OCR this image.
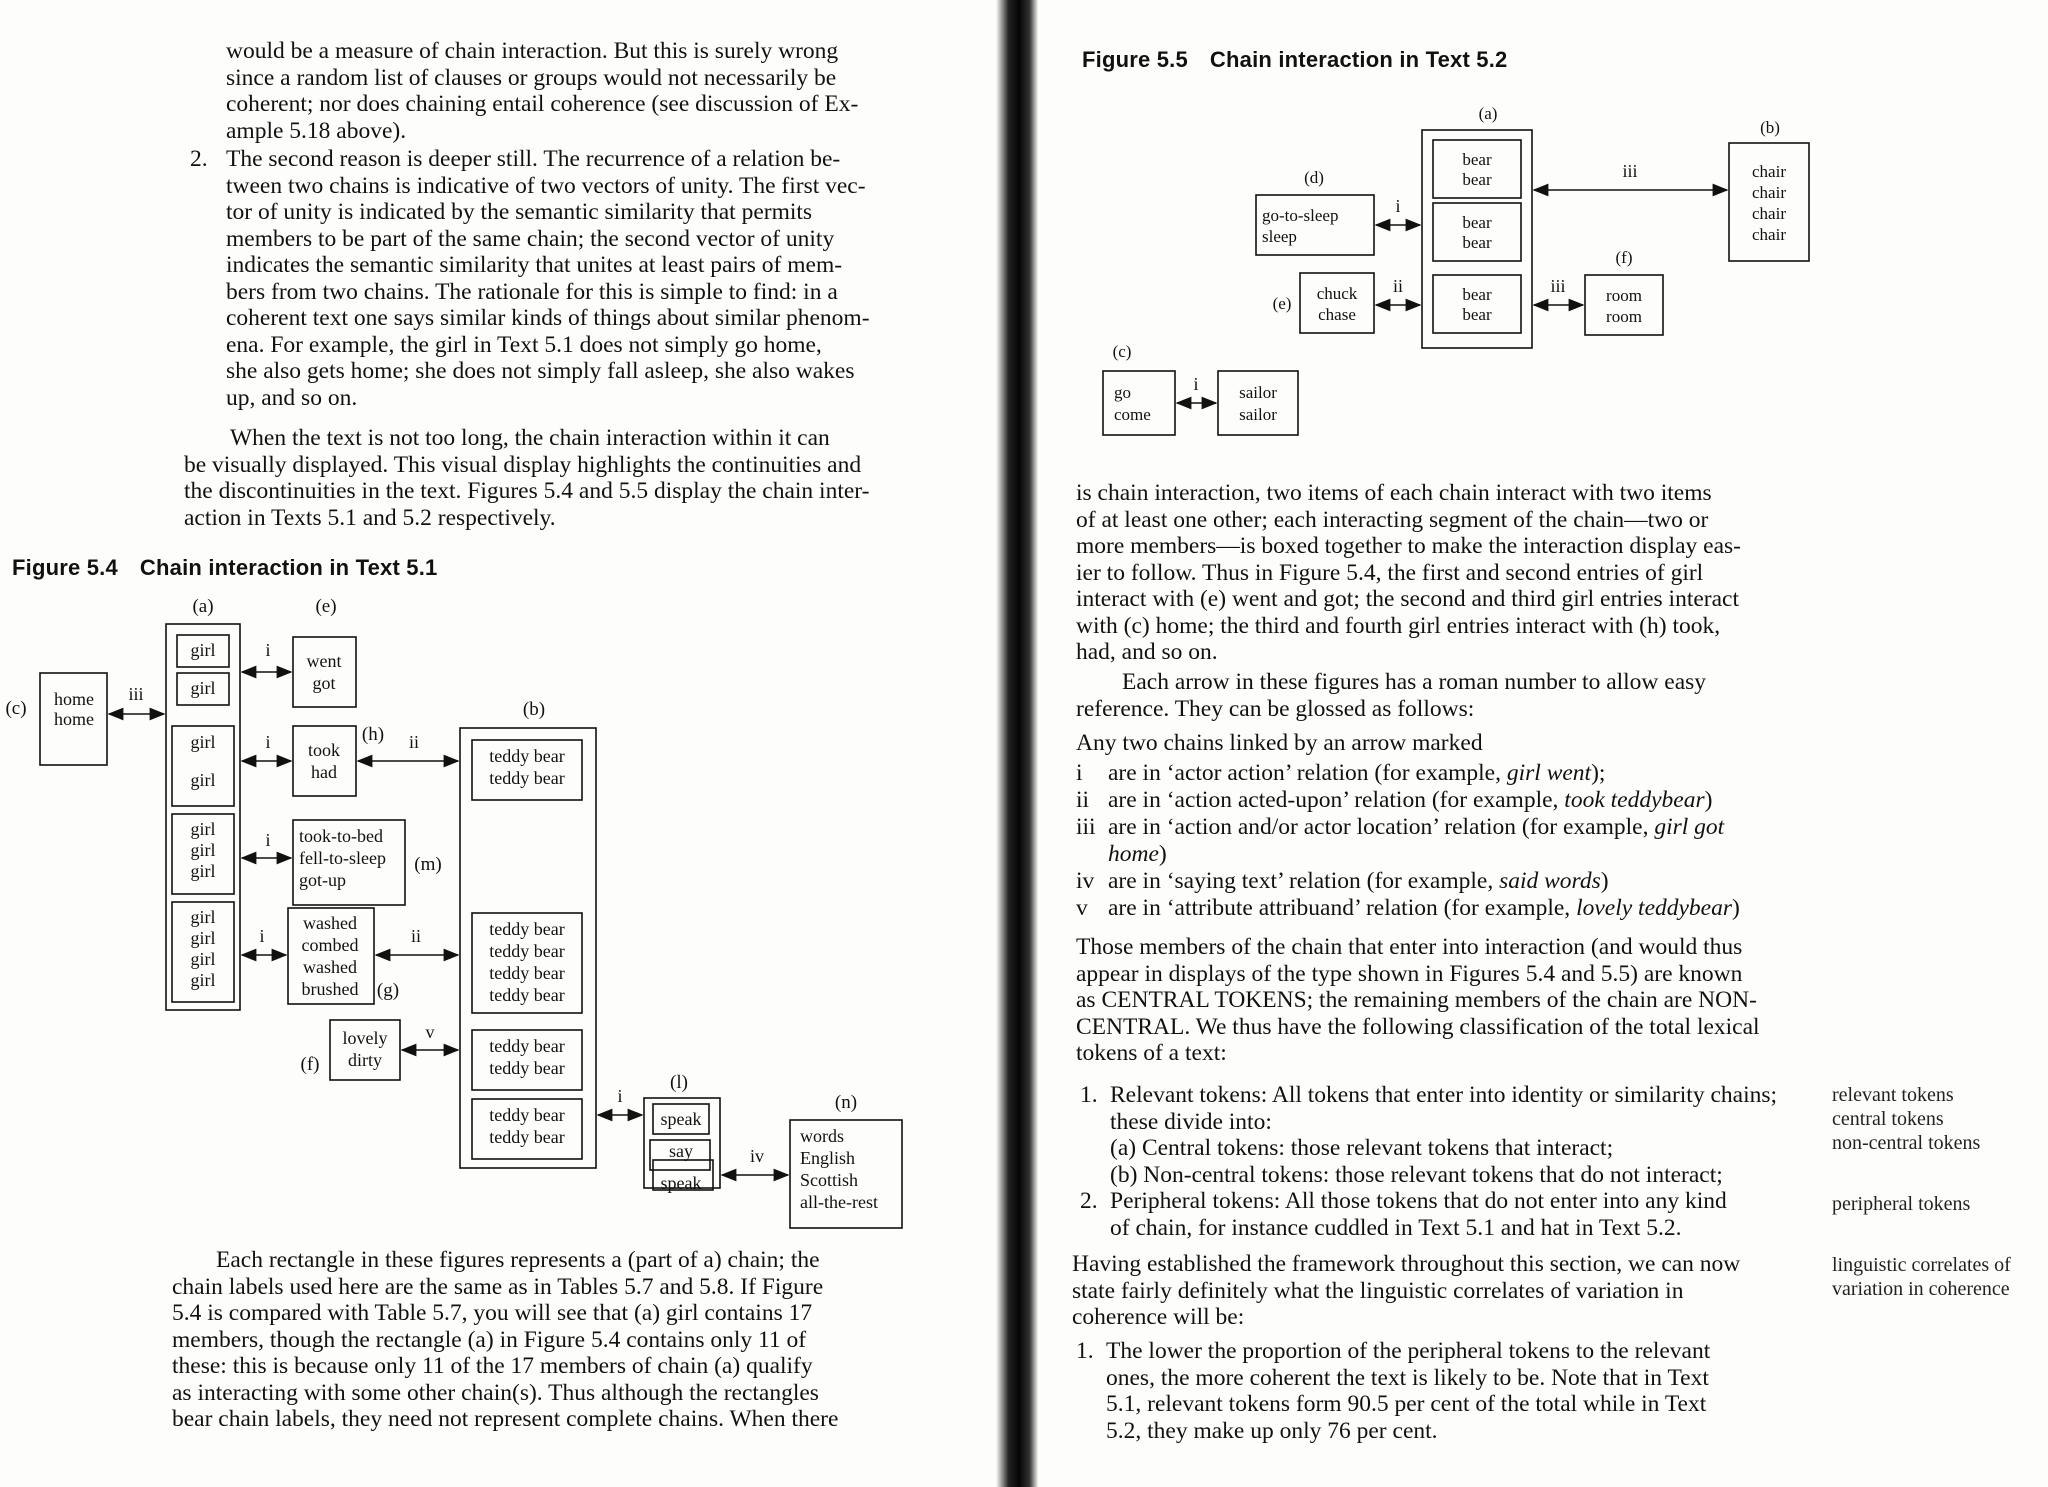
would be a measure of chain interaction. But this is surely wrong
since a random list of clauses or groups would not necessarily be
coherent; nor does chaining entail coherence (see discussion of Ex-
ample 5.18 above).
2. The second reason is deeper still. The recurrence of a relation be-
tween two chains is indicative of two vectors of unity. The first vec-
tor of unity is indicated by the semantic similarity that permits
members to be part of the same chain; the second vector of unity
indicates the semantic similarity that unites at least pairs of mem-
bers from two chains. The rationale for this is simple to find: in a
coherent text one says similar kinds of things about similar phenom-
ena. For example, the girl in Text 5.1 does not simply go home,
she also gets home; she does not simply fall asleep, she also wakes
up, and so on.
When the text is not too long, the chain interaction within it can
be visually displayed. This visual display highlights the continuities and
the discontinuities in the text. Figures 5.4 and 5.5 display the chain inter-
action in Texts 5.1 and 5.2 respectively.
Figure 5.4 Chain interaction in Text 5.1
i
i
i
i
i
ii
ii
iii
iv
v
(a)	(e)
(c)	(b)
(h)
(m)
(g)
(f)
(l)
(n)
home
home
girl
girl
girl
girl
girl
girl
girl
girl
girl
girl
girl
went
got
took
had
took-to-bed
fell-to-sleep
got-up
washed
combed
washed
brushed
lovely
dirty
teddy bear
teddy bear
teddy bear
teddy bear
teddy bear
teddy bear
teddy bear
teddy bear
teddy bear
teddy bear
speak
say
speak
words
English
Scottish
all-the-rest
Each rectangle in these figures represents a (part of a) chain; the
chain labels used here are the same as in Tables 5.7 and 5.8. If Figure
5.4 is compared with Table 5.7, you will see that (a) girl contains 17
members, though the rectangle (a) in Figure 5.4 contains only 11 of
these: this is because only 11 of the 17 members of chain (a) qualify
as interacting with some other chain(s). Thus although the rectangles
bear chain labels, they need not represent complete chains. When there
Figure 5.5 Chain interaction in Text 5.2
i
iii
ii	iii
i
(a)
(b)
(d)
(e)
(f)
(c)
bear
bear
bear
bear
bear
bear
chair
chair
chair
chair
go-to-sleep
sleep
chuck
chase
room
room
go
come
sailor
sailor
is chain interaction, two items of each chain interact with two items
of at least one other; each interacting segment of the chain—two or
more members—is boxed together to make the interaction display eas-
ier to follow. Thus in Figure 5.4, the first and second entries of girl
interact with (e) went and got; the second and third girl entries interact
with (c) home; the third and fourth girl entries interact with (h) took,
had, and so on.
Each arrow in these figures has a roman number to allow easy
reference. They can be glossed as follows:
Any two chains linked by an arrow marked
i are in ‘actor action’ relation (for example, girl went);
ii are in ‘action acted-upon’ relation (for example, took teddybear)
iii are in ‘action and/or actor location’ relation (for example, girl got
home)
iv are in ‘saying text’ relation (for example, said words)
v are in ‘attribute attribuand’ relation (for example, lovely teddybear)
Those members of the chain that enter into interaction (and would thus
appear in displays of the type shown in Figures 5.4 and 5.5) are known
as CENTRAL TOKENS; the remaining members of the chain are NON-
CENTRAL. We thus have the following classification of the total lexical
tokens of a text:
1. Relevant tokens: All tokens that enter into identity or similarity chains;
these divide into:
(a) Central tokens: those relevant tokens that interact;
(b) Non-central tokens: those relevant tokens that do not interact;
2. Peripheral tokens: All those tokens that do not enter into any kind
of chain, for instance cuddled in Text 5.1 and hat in Text 5.2.
Having established the framework throughout this section, we can now
state fairly definitely what the linguistic correlates of variation in
coherence will be:
1. The lower the proportion of the peripheral tokens to the relevant
ones, the more coherent the text is likely to be. Note that in Text
5.1, relevant tokens form 90.5 per cent of the total while in Text
5.2, they make up only 76 per cent.
relevant tokens
central tokens
non-central tokens
peripheral tokens
linguistic correlates of
variation in coherence
